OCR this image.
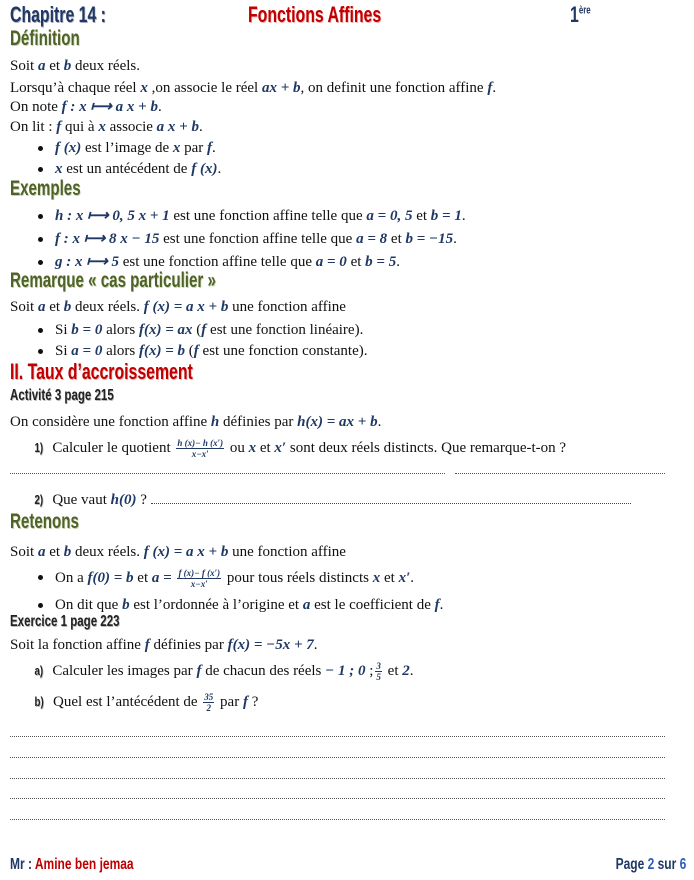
Chapitre 14 :	Fonctions Affines	1ère
Définition
Soit a et b deux réels.
Lorsqu’à chaque réel x ,on associe le réel ax + b, on definit une fonction affine f.
On note f : x ⟼ a x + b.
On lit : f qui à x associe a x + b.
f (x) est l’image de x par f.
x est un antécédent de f (x).
Exemples
h : x ⟼ 0, 5 x + 1 est une fonction affine telle que a = 0, 5 et b = 1.
f : x ⟼ 8 x − 15 est une fonction affine telle que a = 8 et b = −15.
g : x ⟼ 5 est une fonction affine telle que a = 0 et b = 5.
Remarque « cas particulier »
Soit a et b deux réels. f (x) = a x + b une fonction affine
Si b = 0 alors f(x) = ax (f est une fonction linéaire).
Si a = 0 alors f(x) = b (f est une fonction constante).
II. Taux d’accroissement
Activité 3 page 215
On considère une fonction affine h définies par h(x) = ax + b.
1) Calculer le quotient $\frac{h (x)- h (x')}{x-x'}$ ou x et x′ sont deux réels distincts. Que remarque-t-on ?
2) Que vaut h(0) ?
Retenons
Soit a et b deux réels. f (x) = a x + b une fonction affine
On a f(0) = b et $a = \frac{f (x)- f (x')}{x-x'}$ pour tous réels distincts x et x′.
On dit que b est l’ordonnée à l’origine et a est le coefficient de f.
Exercice 1 page 223
Soit la fonction affine f définies par f(x) = −5x + 7.
a) Calculer les images par f de chacun des réels − 1 ; 0 ; $\frac{3}{5}$ et 2.
b) Quel est l’antécédent de $\frac{35}{2}$ par f ?
Mr : Amine ben jemaa	Page 2 sur 6
